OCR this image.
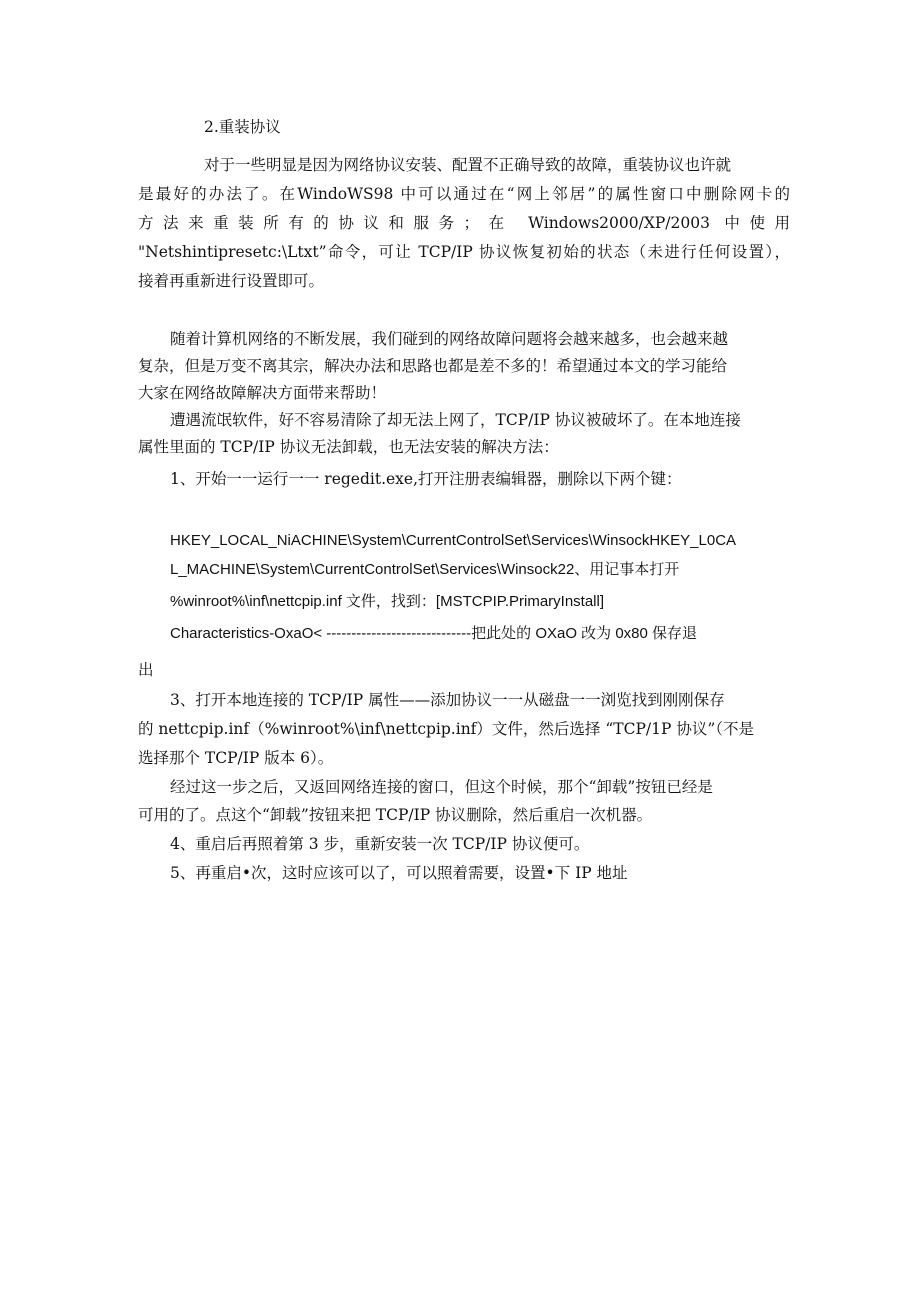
2.重装协议
对于一些明显是因为网络协议安装、配置不正确导致的故障，重装协议也许就
是最好的办法了。在WindoWS98 中可以通过在“网上邻居”的属性窗口中删除网卡的
方法来重装所有的协议和服务；在 Windows2000/XP/2003 中使用
"Netshintipresetc:\Ltxt”命令，可让 TCP/IP 协议恢复初始的状态（未进行任何设置），
接着再重新进行设置即可。
随着计算机网络的不断发展，我们碰到的网络故障问题将会越来越多，也会越来越
复杂，但是万变不离其宗，解决办法和思路也都是差不多的！希望通过本文的学习能给
大家在网络故障解决方面带来帮助！
遭遇流氓软件，好不容易清除了却无法上网了，TCP/IP 协议被破坏了。在本地连接
属性里面的 TCP/IP 协议无法卸载，也无法安装的解决方法：
1、开始一一运行一一 regedit.exe,打开注册表编辑器，删除以下两个键：
HKEY_LOCAL_NiACHINE\System\CurrentControlSet\Services\WinsockHKEY_L0CA
L_MACHINE\System\CurrentControlSet\Services\Winsock22、用记事本打开
%winroot%\inf\nettcpip.inf 文件，找到：[MSTCPIP.PrimaryInstall]
Characteristics-OxaO< -----------------------------把此处的 OXaO 改为 0x80 保存退
出
3、打开本地连接的 TCP/IP 属性——添加协议一一从磁盘一一浏览找到刚刚保存
的 nettcpip.inf（%winroot%\inf\nettcpip.inf）文件，然后选择 “TCP/1P 协议”（不是
选择那个 TCP/IP 版本 6）。
经过这一步之后，又返回网络连接的窗口，但这个时候，那个“卸载”按钮已经是
可用的了。点这个“卸载”按钮来把 TCP/IP 协议删除，然后重启一次机器。
4、重启后再照着第 3 步，重新安装一次 TCP/IP 协议便可。
5、再重启•次，这时应该可以了，可以照着需要，设置•下 IP 地址
